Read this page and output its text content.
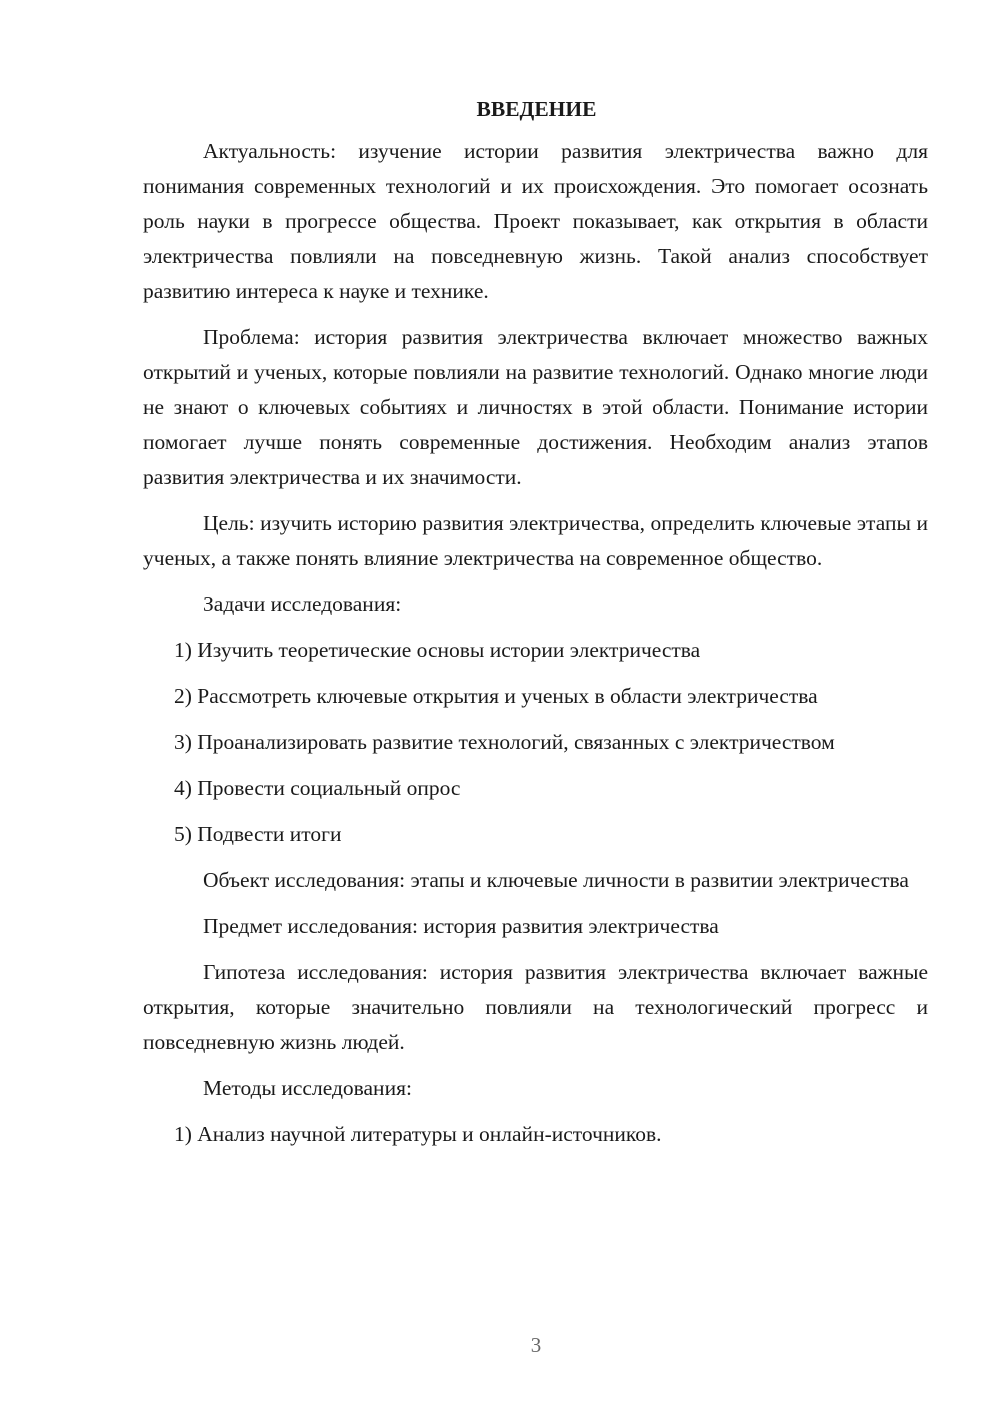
ВВЕДЕНИЕ

Актуальность: изучение истории развития электричества важно для понимания современных технологий и их происхождения. Это помогает осознать роль науки в прогрессе общества. Проект показывает, как открытия в области электричества повлияли на повседневную жизнь. Такой анализ способствует развитию интереса к науке и технике.

Проблема: история развития электричества включает множество важных открытий и ученых, которые повлияли на развитие технологий. Однако многие люди не знают о ключевых событиях и личностях в этой области. Понимание истории помогает лучше понять современные достижения. Необходим анализ этапов развития электричества и их значимости.

Цель: изучить историю развития электричества, определить ключевые этапы и ученых, а также понять влияние электричества на современное общество.

Задачи исследования:

1) Изучить теоретические основы истории электричества

2) Рассмотреть ключевые открытия и ученых в области электричества

3) Проанализировать развитие технологий, связанных с электричеством

4) Провести социальный опрос

5) Подвести итоги

Объект исследования: этапы и ключевые личности в развитии электричества

Предмет исследования: история развития электричества

Гипотеза исследования: история развития электричества включает важные открытия, которые значительно повлияли на технологический прогресс и повседневную жизнь людей.

Методы исследования:

1) Анализ научной литературы и онлайн-источников.

3
